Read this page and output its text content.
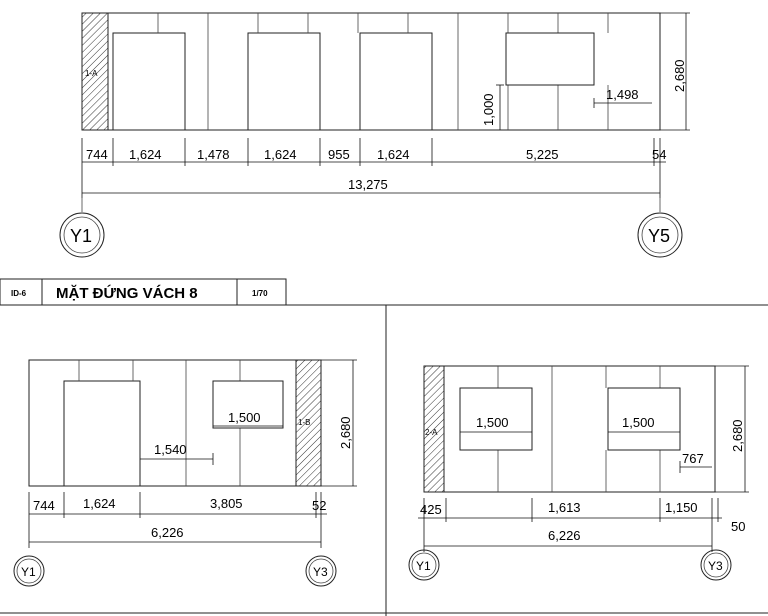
1-A
1,000	1,498
2,680
744 1,624	1,478	1,624 955 1,624	5,225	54
13,275
Y1	Y5
ID-6 MẶT ĐỨNG VÁCH 8	1/70
1-B
1,500
1,540
2,680
744 1,624	3,805	52
6,226
Y1	Y3
2-A
1,500	1,500
767
2,680
425	1,613	1,150
50
6,226
Y1	Y3
